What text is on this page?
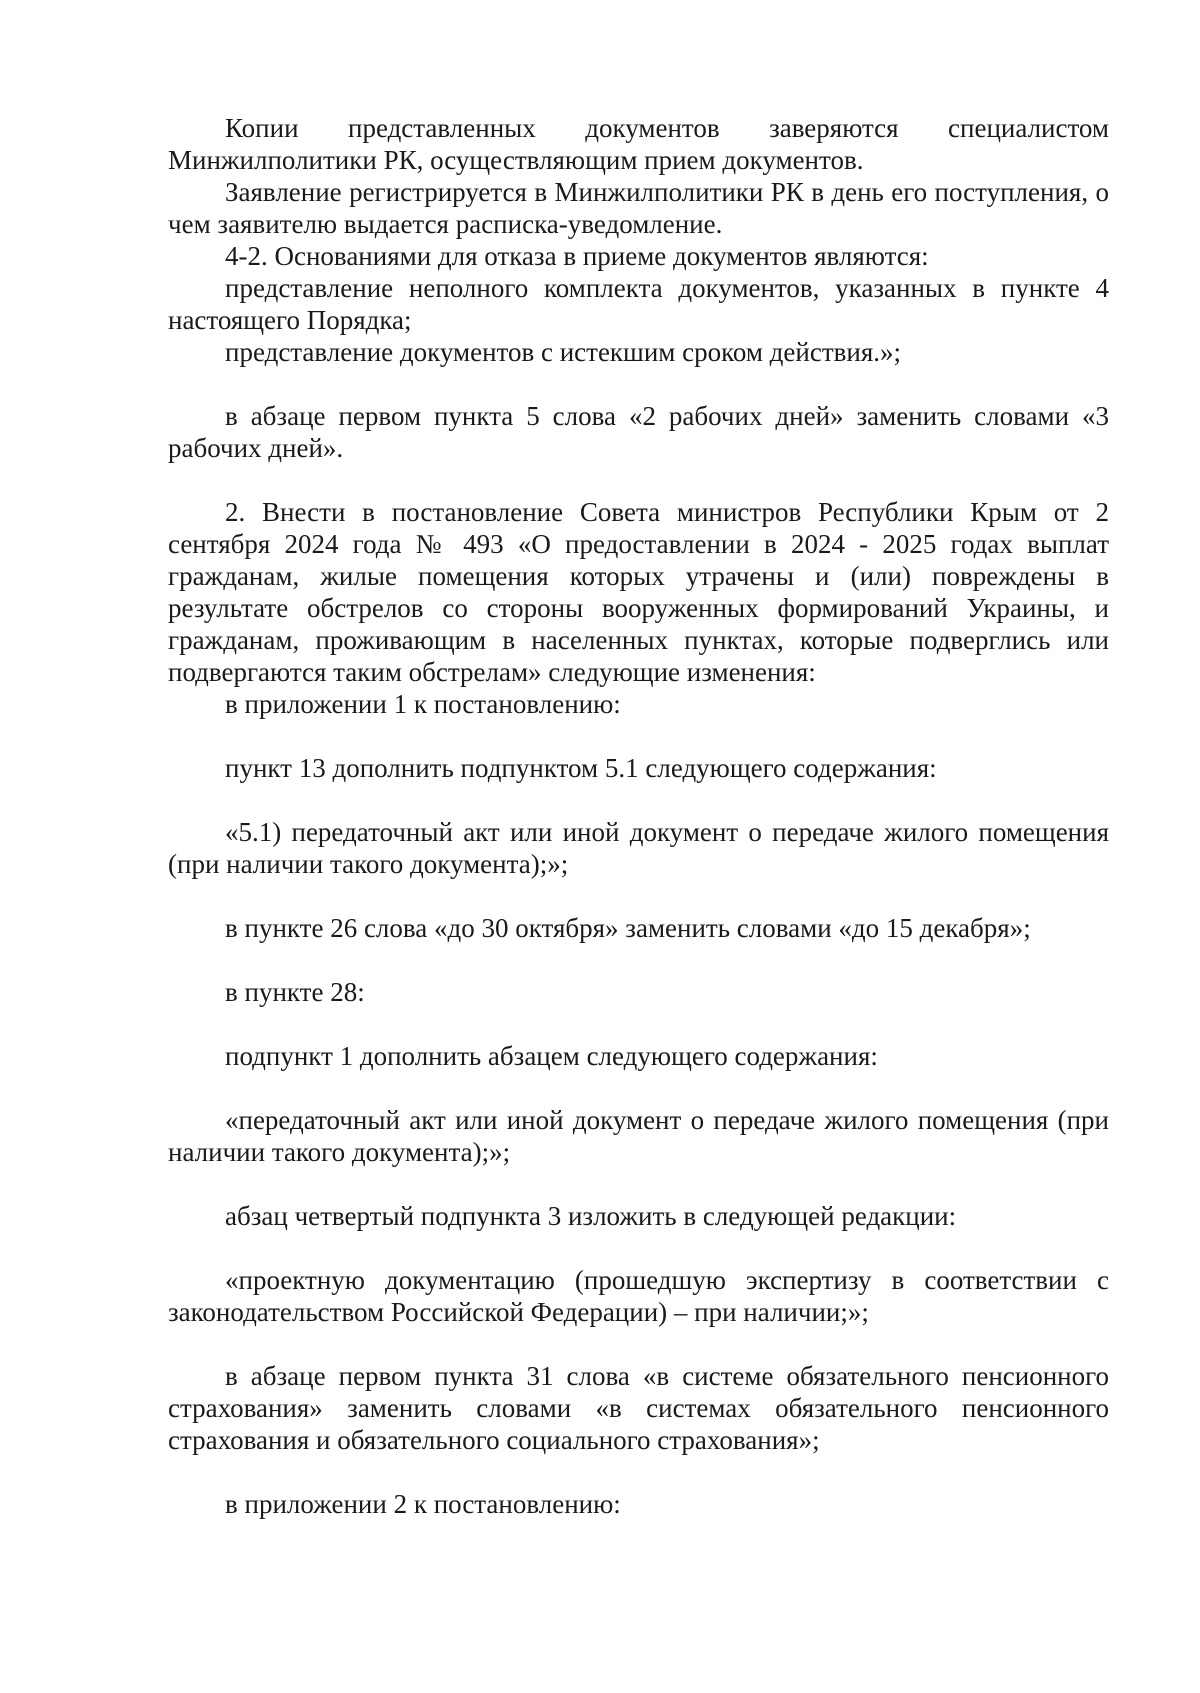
Копии представленных документов заверяются специалистом Минжилполитики РК, осуществляющим прием документов.

Заявление регистрируется в Минжилполитики РК в день его поступления, о чем заявителю выдается расписка-уведомление.

4-2. Основаниями для отказа в приеме документов являются:

представление неполного комплекта документов, указанных в пункте 4 настоящего Порядка;

представление документов с истекшим сроком действия.»;

в абзаце первом пункта 5 слова «2 рабочих дней» заменить словами «3 рабочих дней».

2. Внести в постановление Совета министров Республики Крым от 2 сентября 2024 года № 493 «О предоставлении в 2024 - 2025 годах выплат гражданам, жилые помещения которых утрачены и (или) повреждены в результате обстрелов со стороны вооруженных формирований Украины, и гражданам, проживающим в населенных пунктах, которые подверглись или подвергаются таким обстрелам» следующие изменения:

в приложении 1 к постановлению:

пункт 13 дополнить подпунктом 5.1 следующего содержания:

«5.1) передаточный акт или иной документ о передаче жилого помещения (при наличии такого документа);»;

в пункте 26 слова «до 30 октября» заменить словами «до 15 декабря»;

в пункте 28:

подпункт 1 дополнить абзацем следующего содержания:

«передаточный акт или иной документ о передаче жилого помещения (при наличии такого документа);»;

абзац четвертый подпункта 3 изложить в следующей редакции:

«проектную документацию (прошедшую экспертизу в соответствии с законодательством Российской Федерации) – при наличии;»;

в абзаце первом пункта 31 слова «в системе обязательного пенсионного страхования» заменить словами «в системах обязательного пенсионного страхования и обязательного социального страхования»;

в приложении 2 к постановлению:
